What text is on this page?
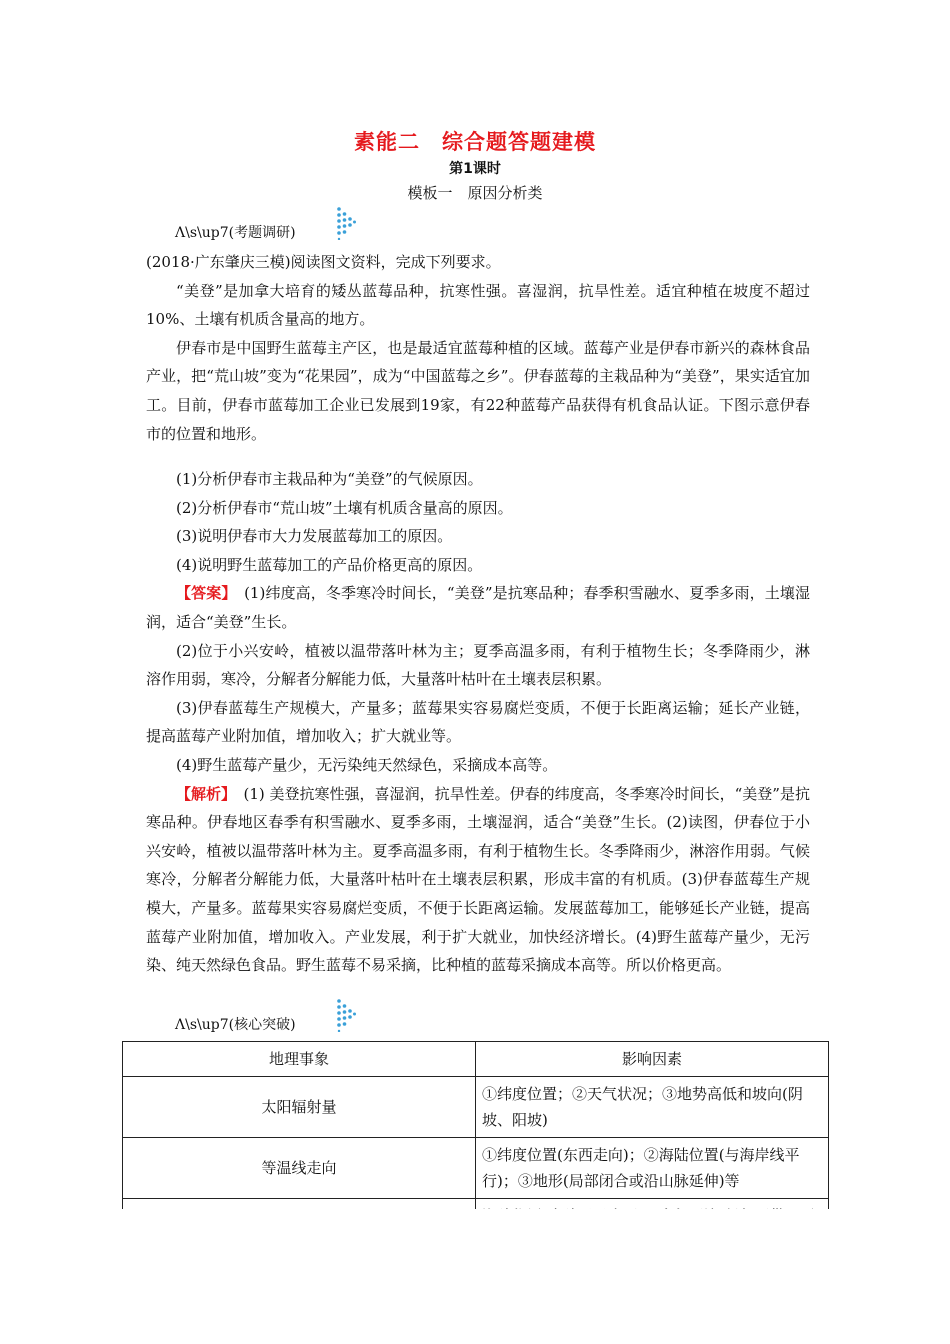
素能二　综合题答题建模
第1课时
模板一　原因分析类
Λ\s\up7(考题调研)

(2018·广东肇庆三模)阅读图文资料，完成下列要求。

“美登”是加拿大培育的矮丛蓝莓品种，抗寒性强。喜湿润，抗旱性差。适宜种植在坡度不超过10%、土壤有机质含量高的地方。

伊春市是中国野生蓝莓主产区，也是最适宜蓝莓种植的区域。蓝莓产业是伊春市新兴的森林食品产业，把“荒山坡”变为“花果园”，成为“中国蓝莓之乡”。伊春蓝莓的主栽品种为“美登”，果实适宜加工。目前，伊春市蓝莓加工企业已发展到19家，有22种蓝莓产品获得有机食品认证。下图示意伊春市的位置和地形。

(1)分析伊春市主栽品种为“美登”的气候原因。

(2)分析伊春市“荒山坡”土壤有机质含量高的原因。

(3)说明伊春市大力发展蓝莓加工的原因。

(4)说明野生蓝莓加工的产品价格更高的原因。

【答案】　(1)纬度高，冬季寒冷时间长，“美登”是抗寒品种；春季积雪融水、夏季多雨，土壤湿润，适合“美登”生长。

(2)位于小兴安岭，植被以温带落叶林为主；夏季高温多雨，有利于植物生长；冬季降雨少，淋溶作用弱，寒冷，分解者分解能力低，大量落叶枯叶在土壤表层积累。

(3)伊春蓝莓生产规模大，产量多；蓝莓果实容易腐烂变质，不便于长距离运输；延长产业链，提高蓝莓产业附加值，增加收入；扩大就业等。

(4)野生蓝莓产量少，无污染纯天然绿色，采摘成本高等。

【解析】　(1) 美登抗寒性强，喜湿润，抗旱性差。伊春的纬度高，冬季寒冷时间长，“美登”是抗寒品种。伊春地区春季有积雪融水、夏季多雨，土壤湿润，适合“美登”生长。(2)读图，伊春位于小兴安岭，植被以温带落叶林为主。夏季高温多雨，有利于植物生长。冬季降雨少，淋溶作用弱。气候寒冷，分解者分解能力低，大量落叶枯叶在土壤表层积累，形成丰富的有机质。(3)伊春蓝莓生产规模大，产量多。蓝莓果实容易腐烂变质，不便于长距离运输。发展蓝莓加工，能够延长产业链，提高蓝莓产业附加值，增加收入。产业发展，利于扩大就业，加快经济增长。(4)野生蓝莓产量少，无污染、纯天然绿色食品。野生蓝莓不易采摘，比种植的蓝莓采摘成本高等。所以价格更高。

Λ\s\up7(核心突破)
地理事象	影响因素
太阳辐射量	①纬度位置；②天气状况；③地势高低和坡向(阴坡、阳坡)
等温线走向	①纬度位置(东西走向)；②海陆位置(与海岸线平行)；③地形(局部闭合或沿山脉延伸)等
